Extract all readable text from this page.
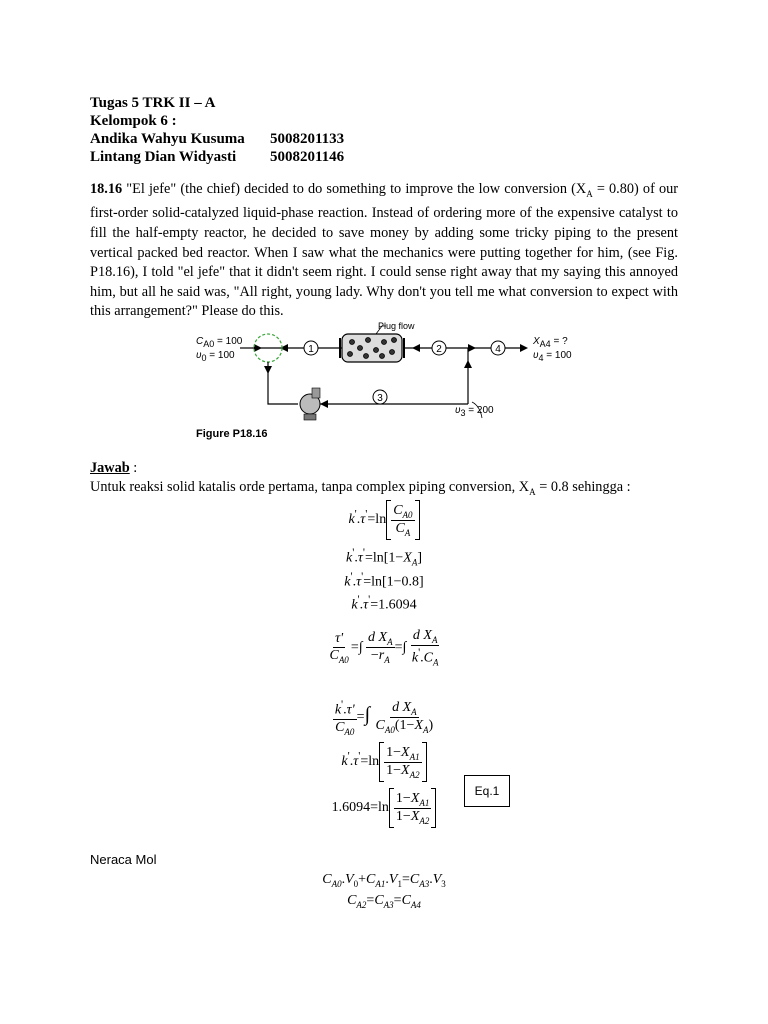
Tugas 5 TRK II – A
Kelompok 6 :
Andika Wahyu Kusuma 5008201133
Lintang Dian Widyasti 5008201146
18.16 "El jefe" (the chief) decided to do something to improve the low conversion $(X_A = 0.80)$ of our first-order solid-catalyzed liquid-phase reaction. Instead of ordering more of the expensive catalyst to fill the half-empty reactor, he decided to save money by adding some tricky piping to the present vertical packed bed reactor. When I saw what the mechanics were putting together for him, (see Fig. P18.16), I told "el jefe" that it didn't seem right. I could sense right away that my saying this annoyed him, but all he said was, "All right, young lady. Why don't you tell me what conversion to expect with this arrangement?" Please do this.
1	2
3
4
Plug flow
$C_{A0} = 100$
$\upsilon_0 = 100$
$X_{A4}$ = ?
$\upsilon_4 = 100$
$\upsilon_3 = 200$
Figure P18.16
Jawab :
Untuk reaksi solid katalis orde pertama, tanpa complex piping conversion, $X_A = 0.8$ sehingga :
$k'.\tau'=\ln \frac{C_{A0}}{C_A}$
$k'.\tau'=\ln[1-X_A]$
k'.τ'=ln[1−0.8]
k'.τ'=1.6094
$\frac{\tau'}{C_{A0}}$ =∫ $\frac{d X_A}{-r_A}$ =∫ $\frac{d X_A}{k'.C_A}$
$\frac{k'.\tau'}{C_{A0}}$ =∫ $\frac{d X_A}{C_{A0}(1-X_A)}$
$k'.\tau'=\ln \frac{1-X_{A1}}{1-X_{A2}}$
$1.6094=\ln \frac{1-X_{A1}}{1-X_{A2}}$	Eq.1
Neraca Mol
$C_{A0}.V_0+C_{A1}.V_1=C_{A3}.V_3$
$C_{A2}=C_{A3}=C_{A4}$
